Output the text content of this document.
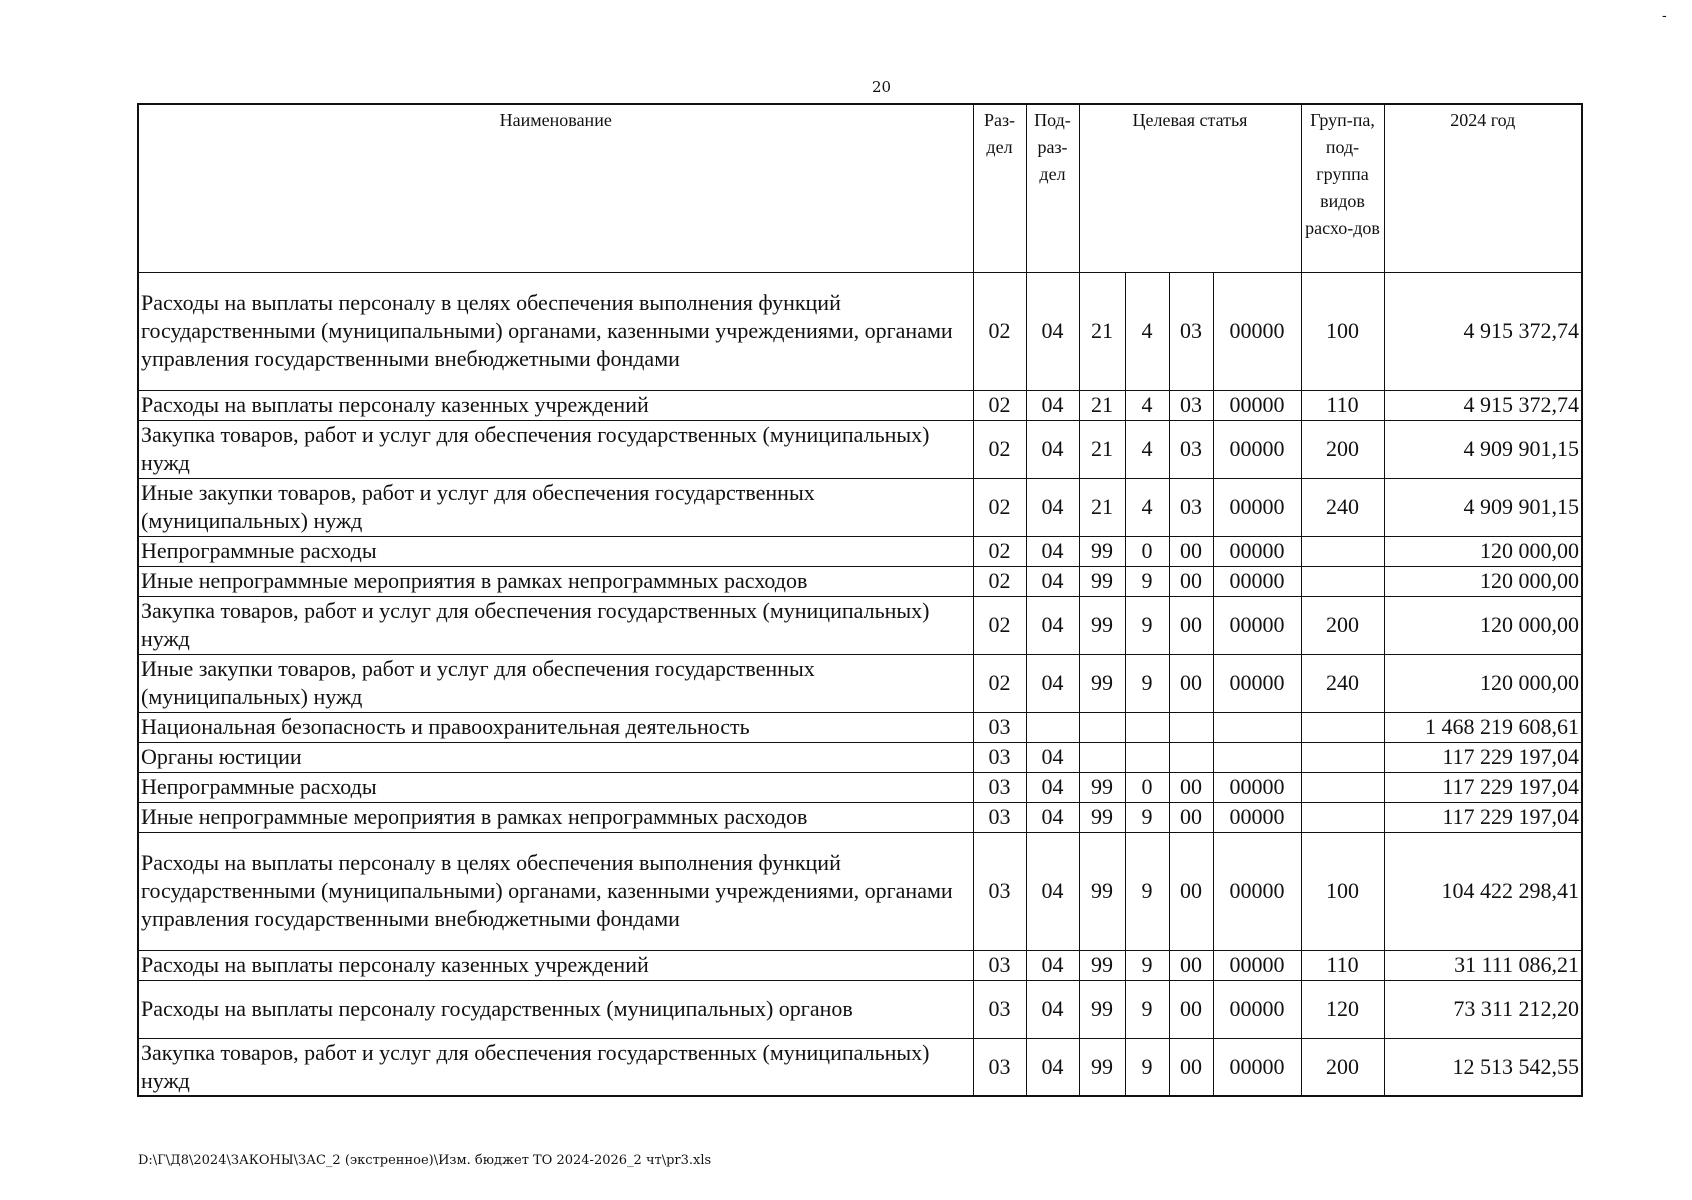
-
20
Наименование	Раз-дел	Под-раз-дел	Целевая статья				Груп-па, под-группа видов расхо-дов	2024 год
Расходы на выплаты персоналу в целях обеспечения выполнения функций государственными (муниципальными) органами, казенными учреждениями, органами управления государственными внебюджетными фондами	02	04	21	4	03	00000	100	4 915 372,74
Расходы на выплаты персоналу казенных учреждений	02	04	21	4	03	00000	110	4 915 372,74
Закупка товаров, работ и услуг для обеспечения государственных (муниципальных) нужд	02	04	21	4	03	00000	200	4 909 901,15
Иные закупки товаров, работ и услуг для обеспечения государственных (муниципальных) нужд	02	04	21	4	03	00000	240	4 909 901,15
Непрограммные расходы	02	04	99	0	00	00000		120 000,00
Иные непрограммные мероприятия в рамках непрограммных расходов	02	04	99	9	00	00000		120 000,00
Закупка товаров, работ и услуг для обеспечения государственных (муниципальных) нужд	02	04	99	9	00	00000	200	120 000,00
Иные закупки товаров, работ и услуг для обеспечения государственных (муниципальных) нужд	02	04	99	9	00	00000	240	120 000,00
Национальная безопасность и правоохранительная деятельность	03							1 468 219 608,61
Органы юстиции	03	04						117 229 197,04
Непрограммные расходы	03	04	99	0	00	00000		117 229 197,04
Иные непрограммные мероприятия в рамках непрограммных расходов	03	04	99	9	00	00000		117 229 197,04
Расходы на выплаты персоналу в целях обеспечения выполнения функций государственными (муниципальными) органами, казенными учреждениями, органами управления государственными внебюджетными фондами	03	04	99	9	00	00000	100	104 422 298,41
Расходы на выплаты персоналу казенных учреждений	03	04	99	9	00	00000	110	31 111 086,21
Расходы на выплаты персоналу государственных (муниципальных) органов	03	04	99	9	00	00000	120	73 311 212,20
Закупка товаров, работ и услуг для обеспечения государственных (муниципальных) нужд	03	04	99	9	00	00000	200	12 513 542,55
D:\Г\Д8\2024\ЗАКОНЫ\ЗАС_2 (экстренное)\Изм. бюджет ТО 2024-2026_2 чт\pr3.xls
